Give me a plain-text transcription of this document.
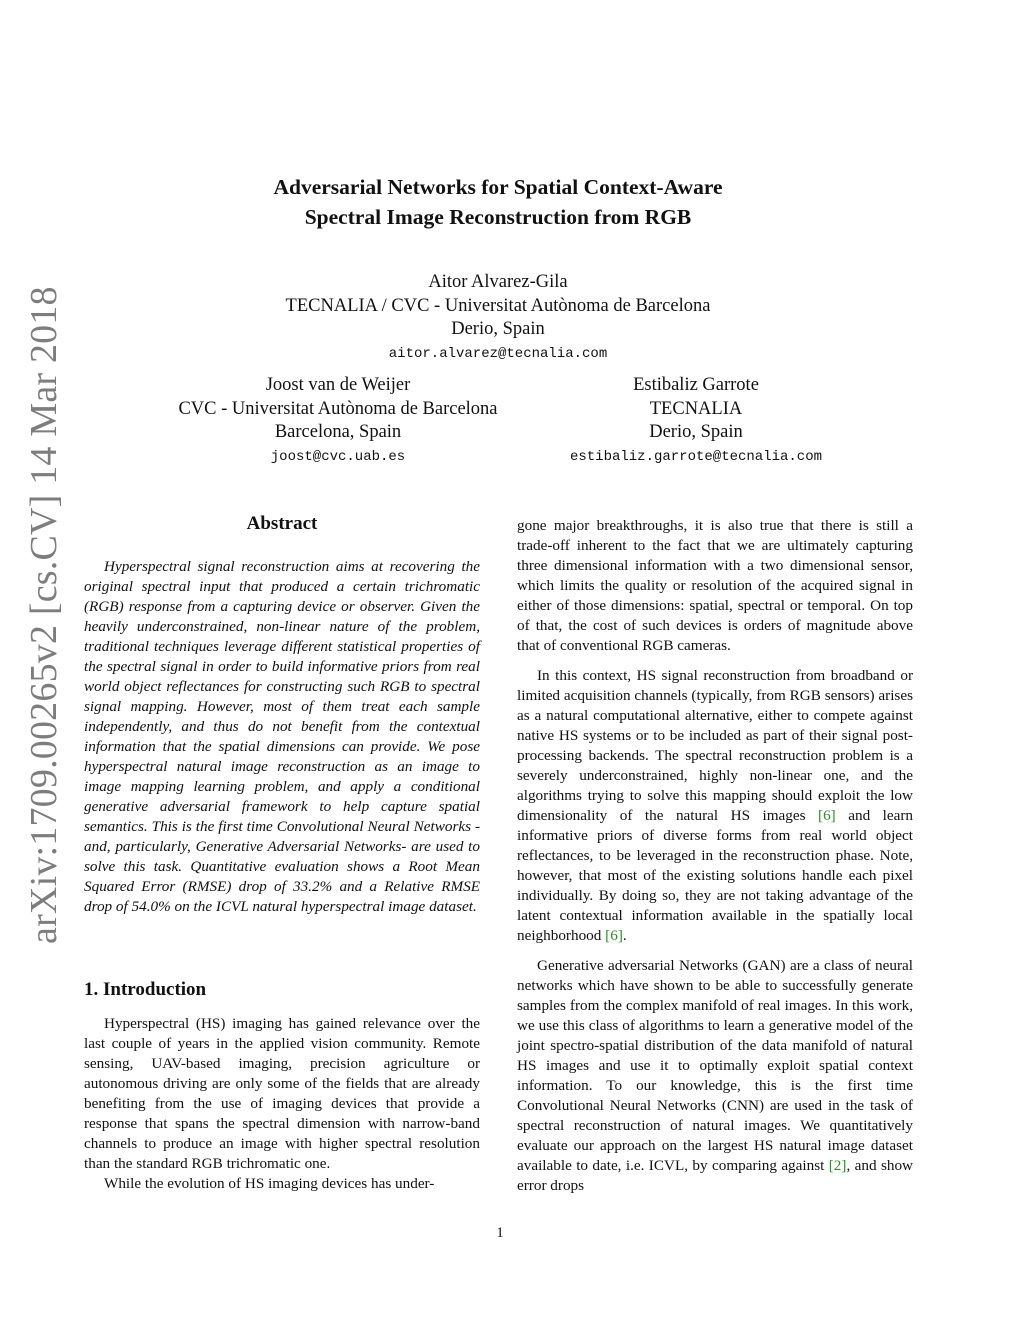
arXiv:1709.00265v2 [cs.CV] 14 Mar 2018
Adversarial Networks for Spatial Context-Aware
Spectral Image Reconstruction from RGB
Aitor Alvarez-Gila
TECNALIA / CVC - Universitat Autònoma de Barcelona
Derio, Spain
aitor.alvarez@tecnalia.com
Joost van de Weijer
CVC - Universitat Autònoma de Barcelona
Barcelona, Spain
joost@cvc.uab.es
Estibaliz Garrote
TECNALIA
Derio, Spain
estibaliz.garrote@tecnalia.com
Abstract

Hyperspectral signal reconstruction aims at recovering the original spectral input that produced a certain trichromatic (RGB) response from a capturing device or observer. Given the heavily underconstrained, non-linear nature of the problem, traditional techniques leverage different statistical properties of the spectral signal in order to build informative priors from real world object reflectances for constructing such RGB to spectral signal mapping. However, most of them treat each sample independently, and thus do not benefit from the contextual information that the spatial dimensions can provide. We pose hyperspectral natural image reconstruction as an image to image mapping learning problem, and apply a conditional generative adversarial framework to help capture spatial semantics. This is the first time Convolutional Neural Networks -and, particularly, Generative Adversarial Networks- are used to solve this task. Quantitative evaluation shows a Root Mean Squared Error (RMSE) drop of 33.2% and a Relative RMSE drop of 54.0% on the ICVL natural hyperspectral image dataset.

1. Introduction

Hyperspectral (HS) imaging has gained relevance over the last couple of years in the applied vision community. Remote sensing, UAV-based imaging, precision agriculture or autonomous driving are only some of the fields that are already benefiting from the use of imaging devices that provide a response that spans the spectral dimension with narrow-band channels to produce an image with higher spectral resolution than the standard RGB trichromatic one.

While the evolution of HS imaging devices has under-

gone major breakthroughs, it is also true that there is still a trade-off inherent to the fact that we are ultimately capturing three dimensional information with a two dimensional sensor, which limits the quality or resolution of the acquired signal in either of those dimensions: spatial, spectral or temporal. On top of that, the cost of such devices is orders of magnitude above that of conventional RGB cameras.

In this context, HS signal reconstruction from broadband or limited acquisition channels (typically, from RGB sensors) arises as a natural computational alternative, either to compete against native HS systems or to be included as part of their signal post-processing backends. The spectral reconstruction problem is a severely underconstrained, highly non-linear one, and the algorithms trying to solve this mapping should exploit the low dimensionality of the natural HS images [6] and learn informative priors of diverse forms from real world object reflectances, to be leveraged in the reconstruction phase. Note, however, that most of the existing solutions handle each pixel individually. By doing so, they are not taking advantage of the latent contextual information available in the spatially local neighborhood [6].

Generative adversarial Networks (GAN) are a class of neural networks which have shown to be able to successfully generate samples from the complex manifold of real images. In this work, we use this class of algorithms to learn a generative model of the joint spectro-spatial distribution of the data manifold of natural HS images and use it to optimally exploit spatial context information. To our knowledge, this is the first time Convolutional Neural Networks (CNN) are used in the task of spectral reconstruction of natural images. We quantitatively evaluate our approach on the largest HS natural image dataset available to date, i.e. ICVL, by comparing against [2], and show error drops

1
